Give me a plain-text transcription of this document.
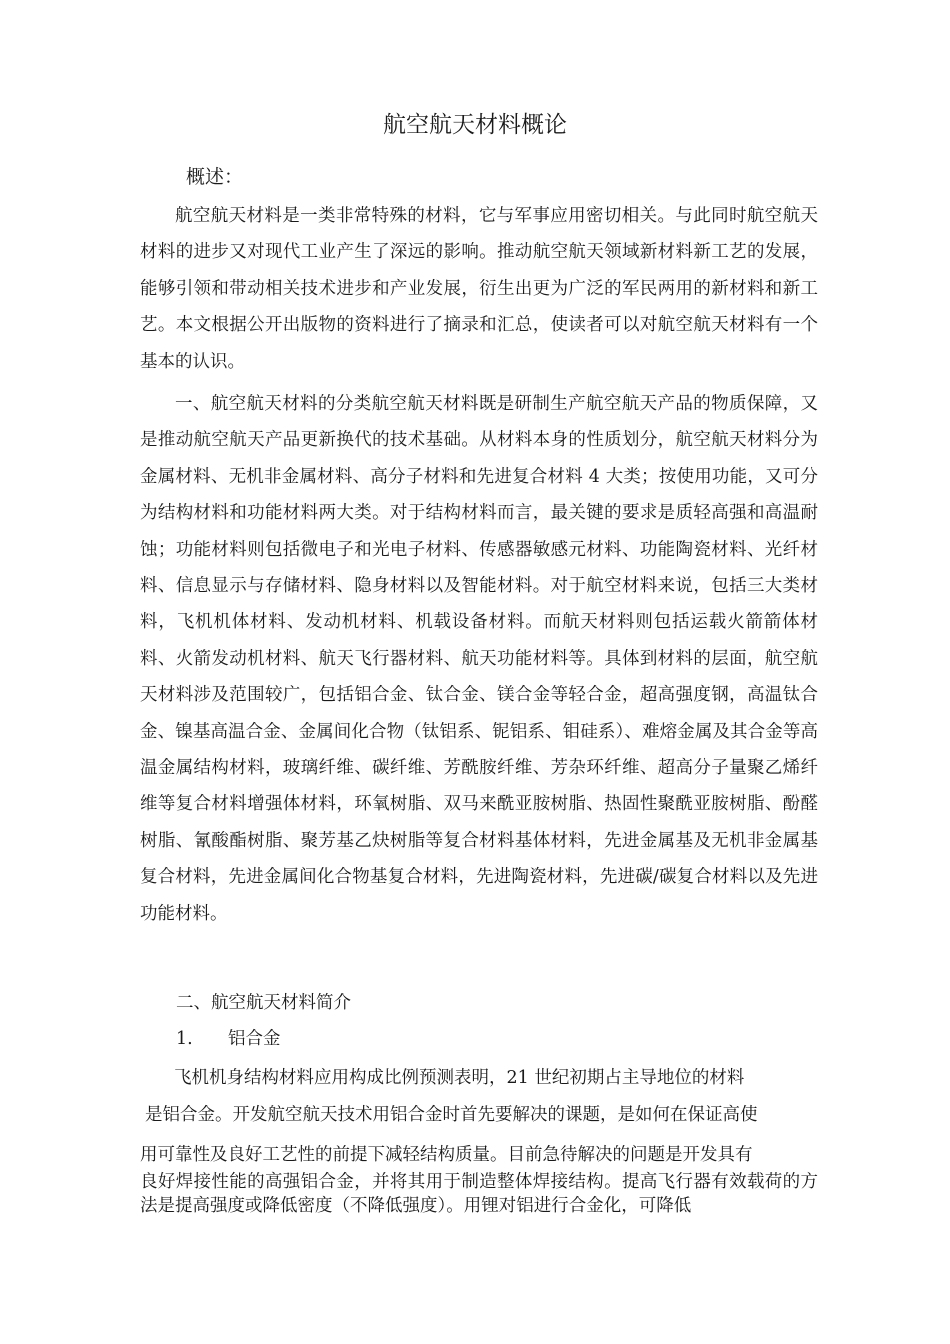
航空航天材料概论

概述：

航空航天材料是一类非常特殊的材料，它与军事应用密切相关。与此同时航空航天材料的进步又对现代工业产生了深远的影响。推动航空航天领域新材料新工艺的发展，能够引领和带动相关技术进步和产业发展，衍生出更为广泛的军民两用的新材料和新工艺。本文根据公开出版物的资料进行了摘录和汇总，使读者可以对航空航天材料有一个基本的认识。

一、航空航天材料的分类航空航天材料既是研制生产航空航天产品的物质保障，又是推动航空航天产品更新换代的技术基础。从材料本身的性质划分，航空航天材料分为金属材料、无机非金属材料、高分子材料和先进复合材料 4 大类；按使用功能，又可分为结构材料和功能材料两大类。对于结构材料而言，最关键的要求是质轻高强和高温耐蚀；功能材料则包括微电子和光电子材料、传感器敏感元材料、功能陶瓷材料、光纤材料、信息显示与存储材料、隐身材料以及智能材料。对于航空材料来说，包括三大类材料，飞机机体材料、发动机材料、机载设备材料。而航天材料则包括运载火箭箭体材料、火箭发动机材料、航天飞行器材料、航天功能材料等。具体到材料的层面，航空航天材料涉及范围较广，包括铝合金、钛合金、镁合金等轻合金，超高强度钢，高温钛合金、镍基高温合金、金属间化合物（钛铝系、铌铝系、钼硅系）、难熔金属及其合金等高温金属结构材料，玻璃纤维、碳纤维、芳酰胺纤维、芳杂环纤维、超高分子量聚乙烯纤维等复合材料增强体材料，环氧树脂、双马来酰亚胺树脂、热固性聚酰亚胺树脂、酚醛树脂、氰酸酯树脂、聚芳基乙炔树脂等复合材料基体材料，先进金属基及无机非金属基复合材料，先进金属间化合物基复合材料，先进陶瓷材料，先进碳/碳复合材料以及先进功能材料。

二、航空航天材料简介

1. 铝合金

飞机机身结构材料应用构成比例预测表明，21 世纪初期占主导地位的材料

是铝合金。开发航空航天技术用铝合金时首先要解决的课题，是如何在保证高使

用可靠性及良好工艺性的前提下减轻结构质量。目前急待解决的问题是开发具有

良好焊接性能的高强铝合金，并将其用于制造整体焊接结构。提高飞行器有效载荷的方法是提高强度或降低密度（不降低强度）。用锂对铝进行合金化，可降低
